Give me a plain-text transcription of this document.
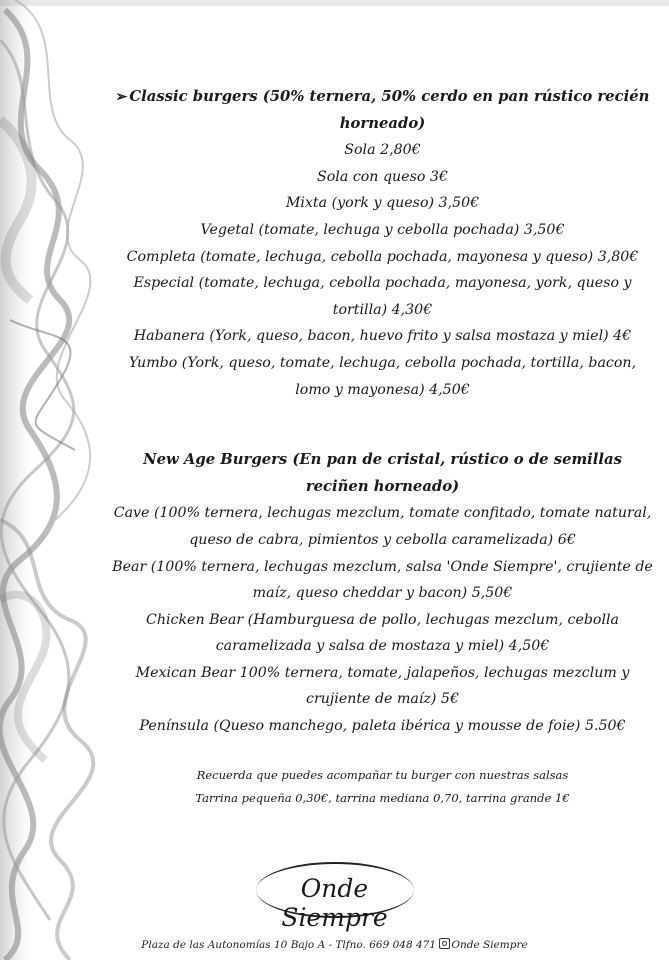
➢ Classic burgers (50% ternera, 50% cerdo en pan rústico recién horneado)
Sola 2,80€
Sola con queso 3€
Mixta (york y queso) 3,50€
Vegetal (tomate, lechuga y cebolla pochada) 3,50€
Completa (tomate, lechuga, cebolla pochada, mayonesa y queso) 3,80€
Especial (tomate, lechuga, cebolla pochada, mayonesa, york, queso y tortilla) 4,30€
Habanera (York, queso, bacon, huevo frito y salsa mostaza y miel) 4€
Yumbo (York, queso, tomate, lechuga, cebolla pochada, tortilla, bacon, lomo y mayonesa) 4,50€
New Age Burgers (En pan de cristal, rústico o de semillas reciñen horneado)
Cave (100% ternera, lechugas mezclum, tomate confitado, tomate natural, queso de cabra, pimientos y cebolla caramelizada) 6€
Bear (100% ternera, lechugas mezclum, salsa 'Onde Siempre', crujiente de maíz, queso cheddar y bacon) 5,50€
Chicken Bear (Hamburguesa de pollo, lechugas mezclum, cebolla caramelizada y salsa de mostaza y miel) 4,50€
Mexican Bear 100% ternera, tomate, jalapeños, lechugas mezclum y crujiente de maíz) 5€
Península (Queso manchego, paleta ibérica y mousse de foie) 5.50€
Recuerda que puedes acompañar tu burger con nuestras salsas
Tarrina pequeña 0,30€, tarrina mediana 0,70, tarrina grande 1€
Onde Siempre
Plaza de las Autonomías 10 Bajo A - Tlfno. 669 048 471 Onde Siempre
